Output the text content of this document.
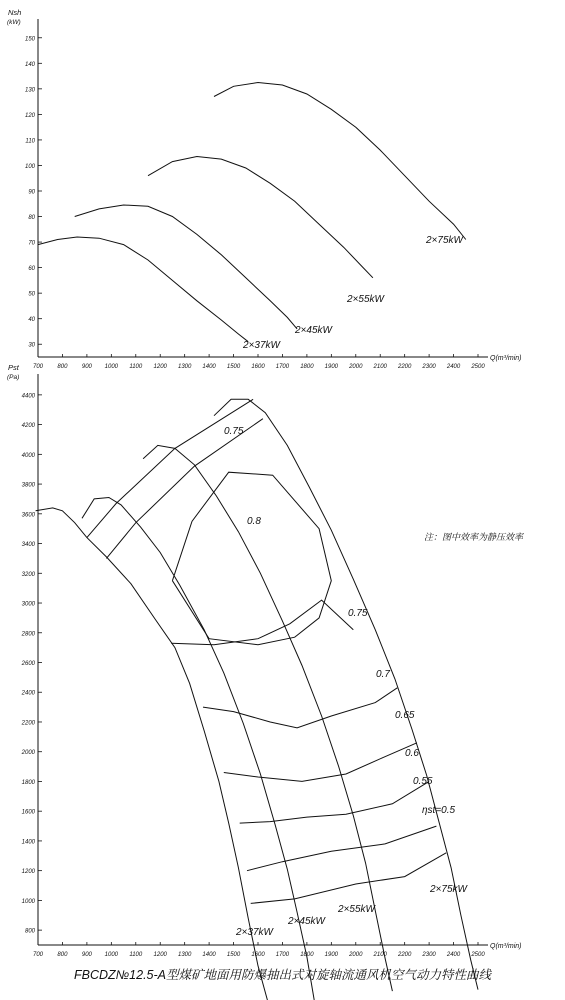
30
40
50
60
70
80
90
100
110
120
130
140
150
700 800 900 1000 1100 1200 1300 1400 1500 1600 1700 1800 1900 2000 2100 2200 2300 2400 2500
Nsh
(kW)
Q(m³/min)
2×37kW
2×45kW
2×55kW
2×75kW
800
1000
1200
1400
1600
1800
2000
2200
2400
2600
2800
3000
3200
3400
3600
3800
4000
4200
4400
700 800 900 1000 1100 1200 1300 1400 1500 1600 1700 1800 1900 2000 2100 2200 2300 2400 2500
Pst
(Pa)
Q(m³/min)
2×37kW
2×45kW
2×55kW
2×75kW
0.75
0.7
0.65
0.6
0.55
ηst=0.5
0.8
0.75
注：图中效率为静压效率
FBCDZ№12.5-A型煤矿地面用防爆抽出式对旋轴流通风机空气动力特性曲线
